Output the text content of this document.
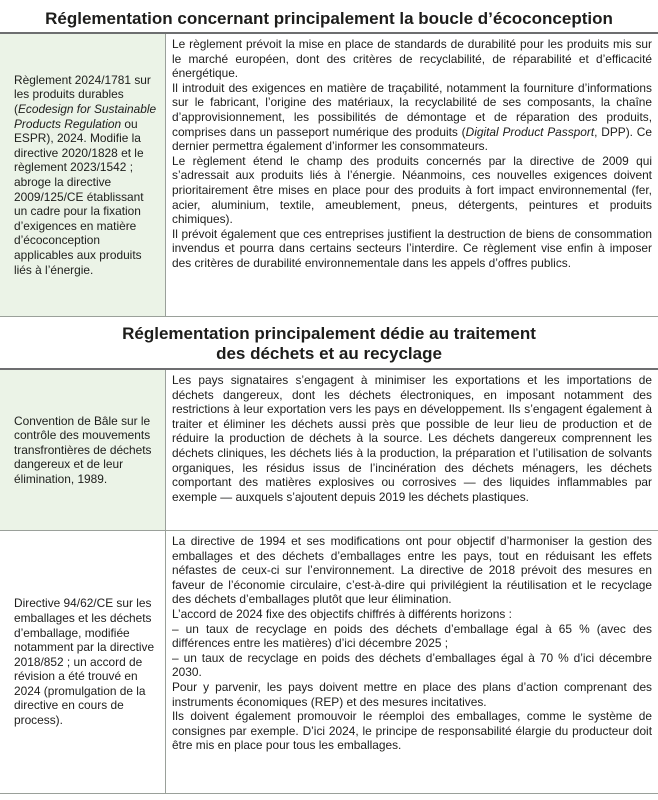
Réglementation concernant principalement la boucle d’écoconception

Règlement 2024/1781 sur les produits durables (Ecodesign for Sustainable Products Regulation ou ESPR), 2024. Modifie la directive 2020/1828 et le règlement 2023/1542 ; abroge la directive 2009/125/CE établissant un cadre pour la fixation d’exigences en matière d’écoconception applicables aux produits liés à l’énergie.

Le règlement prévoit la mise en place de standards de durabilité pour les produits mis sur le marché européen, dont des critères de recyclabilité, de réparabilité et d’efficacité énergétique.

Il introduit des exigences en matière de traçabilité, notamment la fourniture d’informations sur le fabricant, l’origine des matériaux, la recyclabilité de ses composants, la chaîne d’approvisionnement, les possibilités de démontage et de réparation des produits, comprises dans un passeport numérique des produits (Digital Product Passport, DPP). Ce dernier permettra également d’informer les consommateurs.

Le règlement étend le champ des produits concernés par la directive de 2009 qui s’adressait aux produits liés à l’énergie. Néanmoins, ces nouvelles exigences doivent prioritairement être mises en place pour des produits à fort impact environnemental (fer, acier, aluminium, textile, ameublement, pneus, détergents, peintures et produits chimiques).

Il prévoit également que ces entreprises justifient la destruction de biens de consommation invendus et pourra dans certains secteurs l’interdire. Ce règlement vise enfin à imposer des critères de durabilité environnementale dans les appels d’offres publics.

Réglementation principalement dédie au traitement
des déchets et au recyclage

Convention de Bâle sur le contrôle des mouvements transfrontières de déchets dangereux et de leur élimination, 1989.

Les pays signataires s’engagent à minimiser les exportations et les importations de déchets dangereux, dont les déchets électroniques, en imposant notamment des restrictions à leur exportation vers les pays en développement. Ils s’engagent également à traiter et éliminer les déchets aussi près que possible de leur lieu de production et de réduire la production de déchets à la source. Les déchets dangereux comprennent les déchets cliniques, les déchets liés à la production, la préparation et l’utilisation de solvants organiques, les résidus issus de l’incinération des déchets ménagers, les déchets comportant des matières explosives ou corrosives — des liquides inflammables par exemple — auxquels s’ajoutent depuis 2019 les déchets plastiques.

Directive 94/62/CE sur les emballages et les déchets d’emballage, modifiée notamment par la directive 2018/852 ; un accord de révision a été trouvé en 2024 (promulgation de la directive en cours de process).

La directive de 1994 et ses modifications ont pour objectif d’harmoniser la gestion des emballages et des déchets d’emballages entre les pays, tout en réduisant les effets néfastes de ceux-ci sur l’environnement. La directive de 2018 prévoit des mesures en faveur de l’économie circulaire, c’est-à-dire qui privilégient la réutilisation et le recyclage des déchets d’emballages plutôt que leur élimination.

L’accord de 2024 fixe des objectifs chiffrés à différents horizons :

– un taux de recyclage en poids des déchets d’emballage égal à 65 % (avec des différences entre les matières) d’ici décembre 2025 ;

– un taux de recyclage en poids des déchets d’emballages égal à 70 % d’ici décembre 2030.

Pour y parvenir, les pays doivent mettre en place des plans d’action comprenant des instruments économiques (REP) et des mesures incitatives.

Ils doivent également promouvoir le réemploi des emballages, comme le système de consignes par exemple. D’ici 2024, le principe de responsabilité élargie du producteur doit être mis en place pour tous les emballages.
